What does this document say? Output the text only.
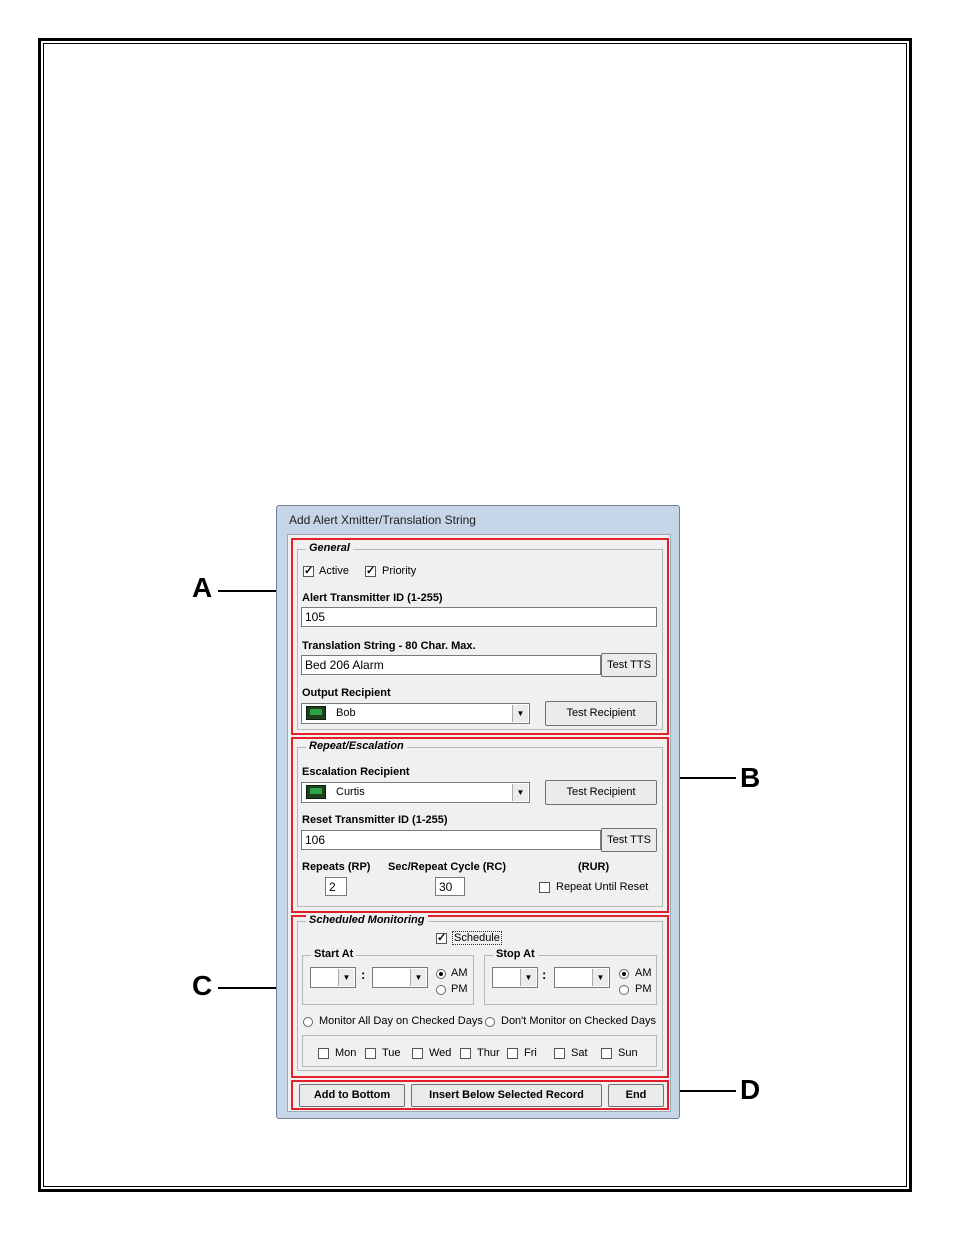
A
B
C
D
Add Alert Xmitter/Translation String
General
✓
Active
✓	Priority
Alert Transmitter ID (1-255)
105
Translation String - 80 Char. Max.
Bed 206 Alarm	Test TTS
Output Recipient
Bob	▼	Test Recipient
Repeat/Escalation
Escalation Recipient
Curtis	▼	Test Recipient
Reset Transmitter ID (1-255)
106	Test TTS
Repeats (RP) Sec/Repeat Cycle (RC)	(RUR)
2	30	Repeat Until Reset
Scheduled Monitoring
✓
Schedule
Start At
▼ :	▼	AM
PM
Stop At
▼ :	▼	AM
PM
Monitor All Day on Checked Days Don't Monitor on Checked Days
Mon Tue	Wed Thur Fri	Sat	Sun
Add to Bottom	Insert Below Selected Record	End
